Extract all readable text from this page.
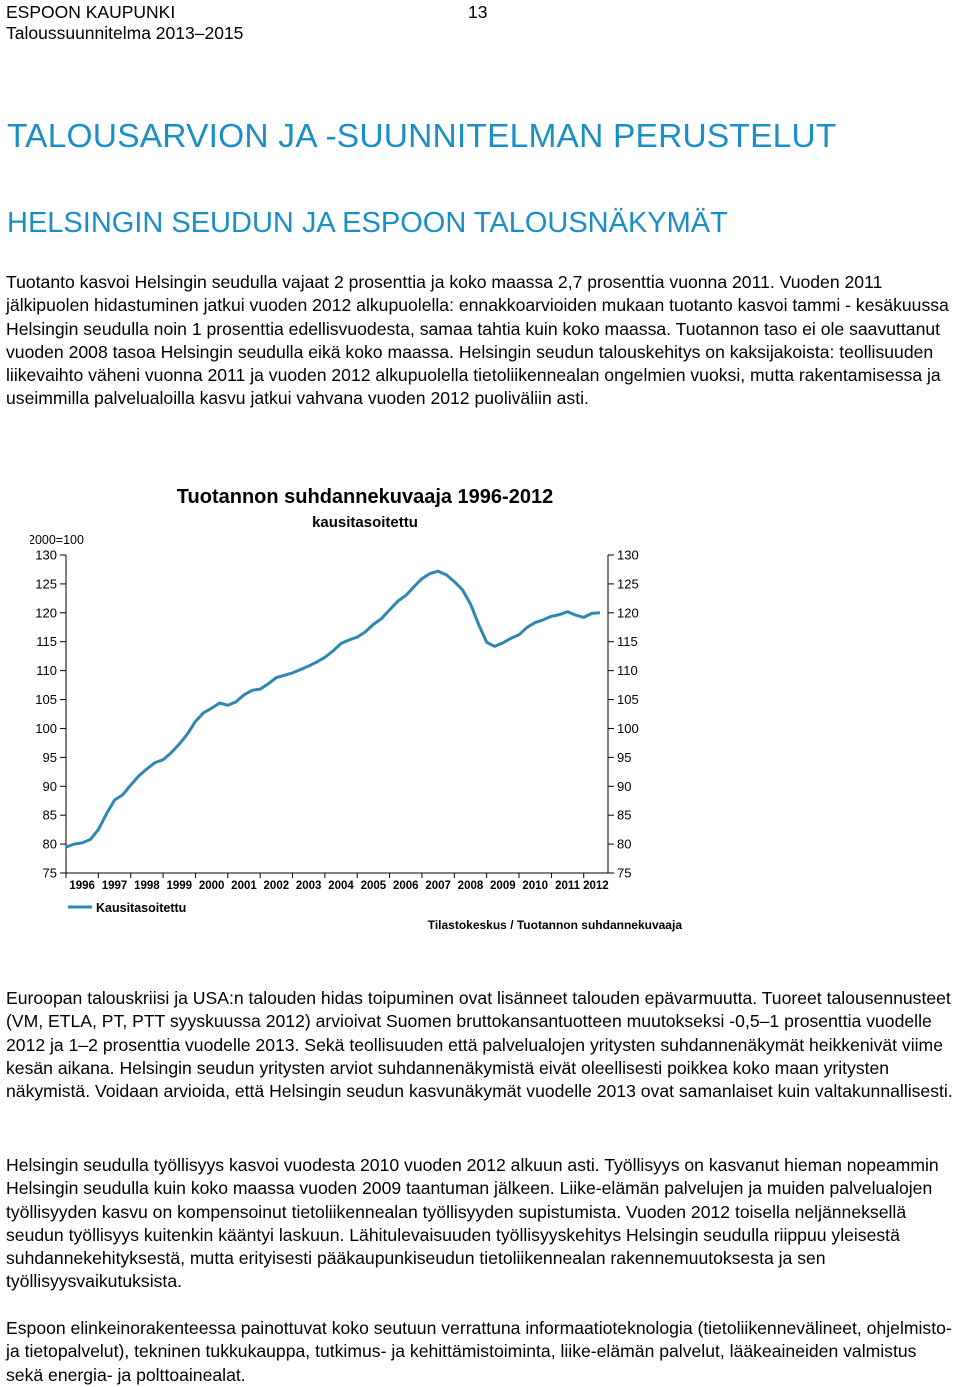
ESPOON KAUPUNKI
Taloussuunnitelma 2013–2015
13
TALOUSARVION JA -SUUNNITELMAN PERUSTELUT
HELSINGIN SEUDUN JA ESPOON TALOUSNÄKYMÄT

Tuotanto kasvoi Helsingin seudulla vajaat 2 prosenttia ja koko maassa 2,7 prosenttia vuonna 2011. Vuoden 2011 jälkipuolen hidastuminen jatkui vuoden 2012 alkupuolella: ennakkoarvioiden mukaan tuotanto kasvoi tammi - kesäkuussa Helsingin seudulla noin 1 prosenttia edellisvuodesta, samaa tahtia kuin koko maassa. Tuotannon taso ei ole saavuttanut vuoden 2008 tasoa Helsingin seudulla eikä koko maassa. Helsingin seudun talouskehitys on kaksijakoista: teollisuuden liikevaihto väheni vuonna 2011 ja vuoden 2012 alkupuolella tietoliikennealan ongelmien vuoksi, mutta rakentamisessa ja useimmilla palvelualoilla kasvu jatkui vahvana vuoden 2012 puoliväliin asti.

Tuotannon suhdannekuvaaja 1996-2012
kausitasoitettu
2000=100
130
125
120
115
110
105
100
95
90
85
80
75
130
125
120
115
110
105
100
95
90
85
80
75
1996 1997 1998 1999 2000 2001 2002 2003 2004 2005 2006 2007 2008 2009 2010 2011 2012
Kausitasoitettu
Tilastokeskus / Tuotannon suhdannekuvaaja

Euroopan talouskriisi ja USA:n talouden hidas toipuminen ovat lisänneet talouden epävarmuutta. Tuoreet talousennusteet (VM, ETLA, PT, PTT syyskuussa 2012) arvioivat Suomen bruttokansantuotteen muutokseksi -0,5–1 prosenttia vuodelle 2012 ja 1–2 prosenttia vuodelle 2013. Sekä teollisuuden että palvelualojen yritysten suhdannenäkymät heikkenivät viime kesän aikana. Helsingin seudun yritysten arviot suhdannenäkymistä eivät oleellisesti poikkea koko maan yritysten näkymistä. Voidaan arvioida, että Helsingin seudun kasvunäkymät vuodelle 2013 ovat samanlaiset kuin valtakunnallisesti.

Helsingin seudulla työllisyys kasvoi vuodesta 2010 vuoden 2012 alkuun asti. Työllisyys on kasvanut hieman nopeammin Helsingin seudulla kuin koko maassa vuoden 2009 taantuman jälkeen. Liike-elämän palvelujen ja muiden palvelualojen työllisyyden kasvu on kompensoinut tietoliikennealan työllisyyden supistumista. Vuoden 2012 toisella neljänneksellä seudun työllisyys kuitenkin kääntyi laskuun. Lähitulevaisuuden työllisyyskehitys Helsingin seudulla riippuu yleisestä suhdannekehityksestä, mutta erityisesti pääkaupunkiseudun tietoliikennealan rakennemuutoksesta ja sen työllisyysvaikutuksista.

Espoon elinkeinorakenteessa painottuvat koko seutuun verrattuna informaatioteknologia (tietoliikennevälineet, ohjelmisto- ja tietopalvelut), tekninen tukkukauppa, tutkimus- ja kehittämistoiminta, liike-elämän palvelut, lääkeaineiden valmistus sekä energia- ja polttoainealat.
